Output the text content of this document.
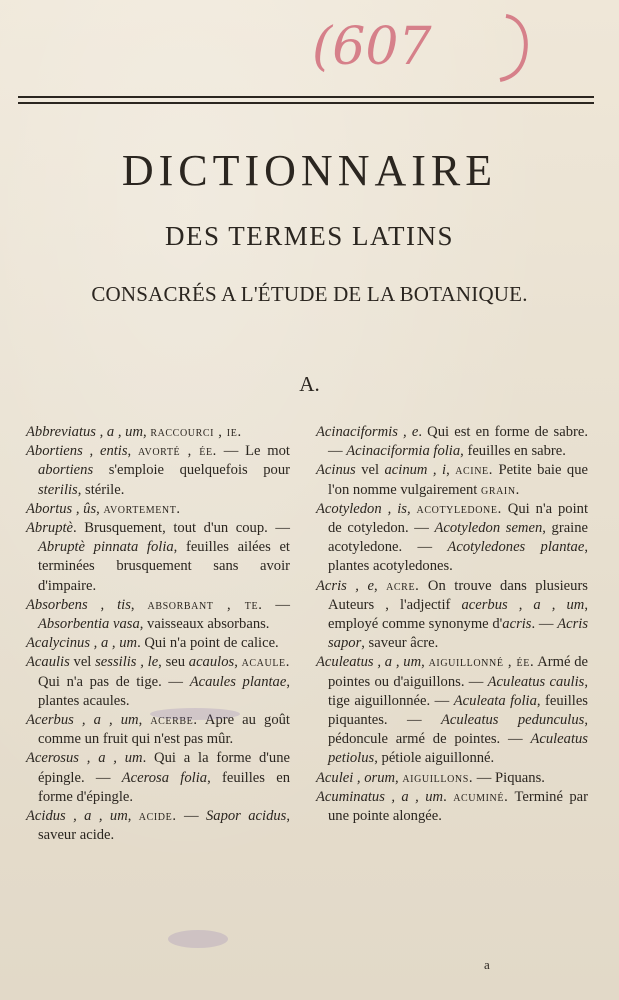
(607
DICTIONNAIRE
DES TERMES LATINS
CONSACRÉS A L'ÉTUDE DE LA BOTANIQUE.
A.

Abbreviatus , a , um, raccourci , ie.

Abortiens , entis, avorté , ée. — Le mot abortiens s'emploie quelquefois pour sterilis, stérile.

Abortus , ûs, avortement.

Abruptè. Brusquement, tout d'un coup. — Abruptè pinnata folia, feuilles ailées et terminées brusquement sans avoir d'impaire.

Absorbens , tis, absorbant , te. — Absorbentia vasa, vaisseaux absorbans.

Acalycinus , a , um. Qui n'a point de calice.

Acaulis vel sessilis , le, seu acaulos, acaule. Qui n'a pas de tige. — Acaules plantae, plantes acaules.

Acerbus , a , um, acerbe. Apre au goût comme un fruit qui n'est pas mûr.

Acerosus , a , um. Qui a la forme d'une épingle. — Acerosa folia, feuilles en forme d'épingle.

Acidus , a , um, acide. — Sapor acidus, saveur acide.

Acinaciformis , e. Qui est en forme de sabre. — Acinaciformia folia, feuilles en sabre.

Acinus vel acinum , i, acine. Petite baie que l'on nomme vulgairement grain.

Acotyledon , is, acotyledone. Qui n'a point de cotyledon. — Acotyledon semen, graine acotyledone. — Acotyledones plantae, plantes acotyledones.

Acris , e, acre. On trouve dans plusieurs Auteurs , l'adjectif acerbus , a , um, employé comme synonyme d'acris. — Acris sapor, saveur âcre.

Aculeatus , a , um, aiguillonné , ée. Armé de pointes ou d'aiguillons. — Aculeatus caulis, tige aiguillonnée. — Aculeata folia, feuilles piquantes. — Aculeatus pedunculus, pédoncule armé de pointes. — Aculeatus petiolus, pétiole aiguillonné.

Aculei , orum, aiguillons. — Piquans.

Acuminatus , a , um. acuminé. Terminé par une pointe alongée.

a
